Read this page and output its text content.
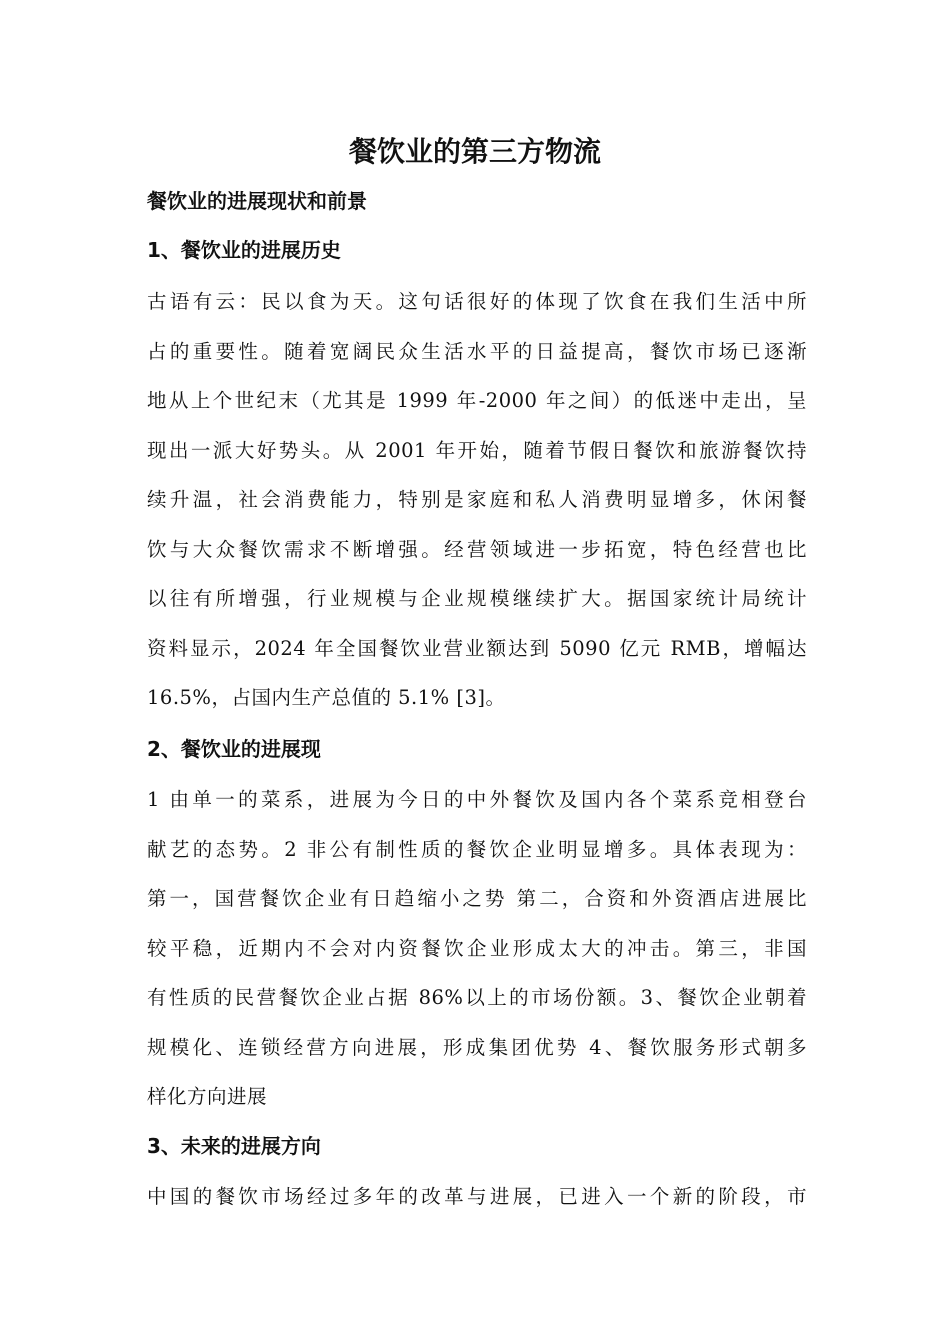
餐饮业的第三方物流
餐饮业的进展现状和前景
1、餐饮业的进展历史
古语有云：民以食为天。这句话很好的体现了饮食在我们生活中所
占的重要性。随着宽阔民众生活水平的日益提高，餐饮市场已逐渐
地从上个世纪末（尤其是 1999 年-2000 年之间）的低迷中走出，呈
现出一派大好势头。从 2001 年开始，随着节假日餐饮和旅游餐饮持
续升温，社会消费能力，特别是家庭和私人消费明显增多，休闲餐
饮与大众餐饮需求不断增强。经营领域进一步拓宽，特色经营也比
以往有所增强，行业规模与企业规模继续扩大。据国家统计局统计
资料显示，2024 年全国餐饮业营业额达到 5090 亿元 RMB，增幅达
16.5%，占国内生产总值的 5.1% [3]。
2、餐饮业的进展现
1 由单一的菜系，进展为今日的中外餐饮及国内各个菜系竞相登台
献艺的态势。2 非公有制性质的餐饮企业明显增多。具体表现为：
第一，国营餐饮企业有日趋缩小之势 第二，合资和外资酒店进展比
较平稳，近期内不会对内资餐饮企业形成太大的冲击。第三，非国
有性质的民营餐饮企业占据 86%以上的市场份额。3、餐饮企业朝着
规模化、连锁经营方向进展，形成集团优势 4、餐饮服务形式朝多
样化方向进展
3、未来的进展方向
中国的餐饮市场经过多年的改革与进展，已进入一个新的阶段，市
